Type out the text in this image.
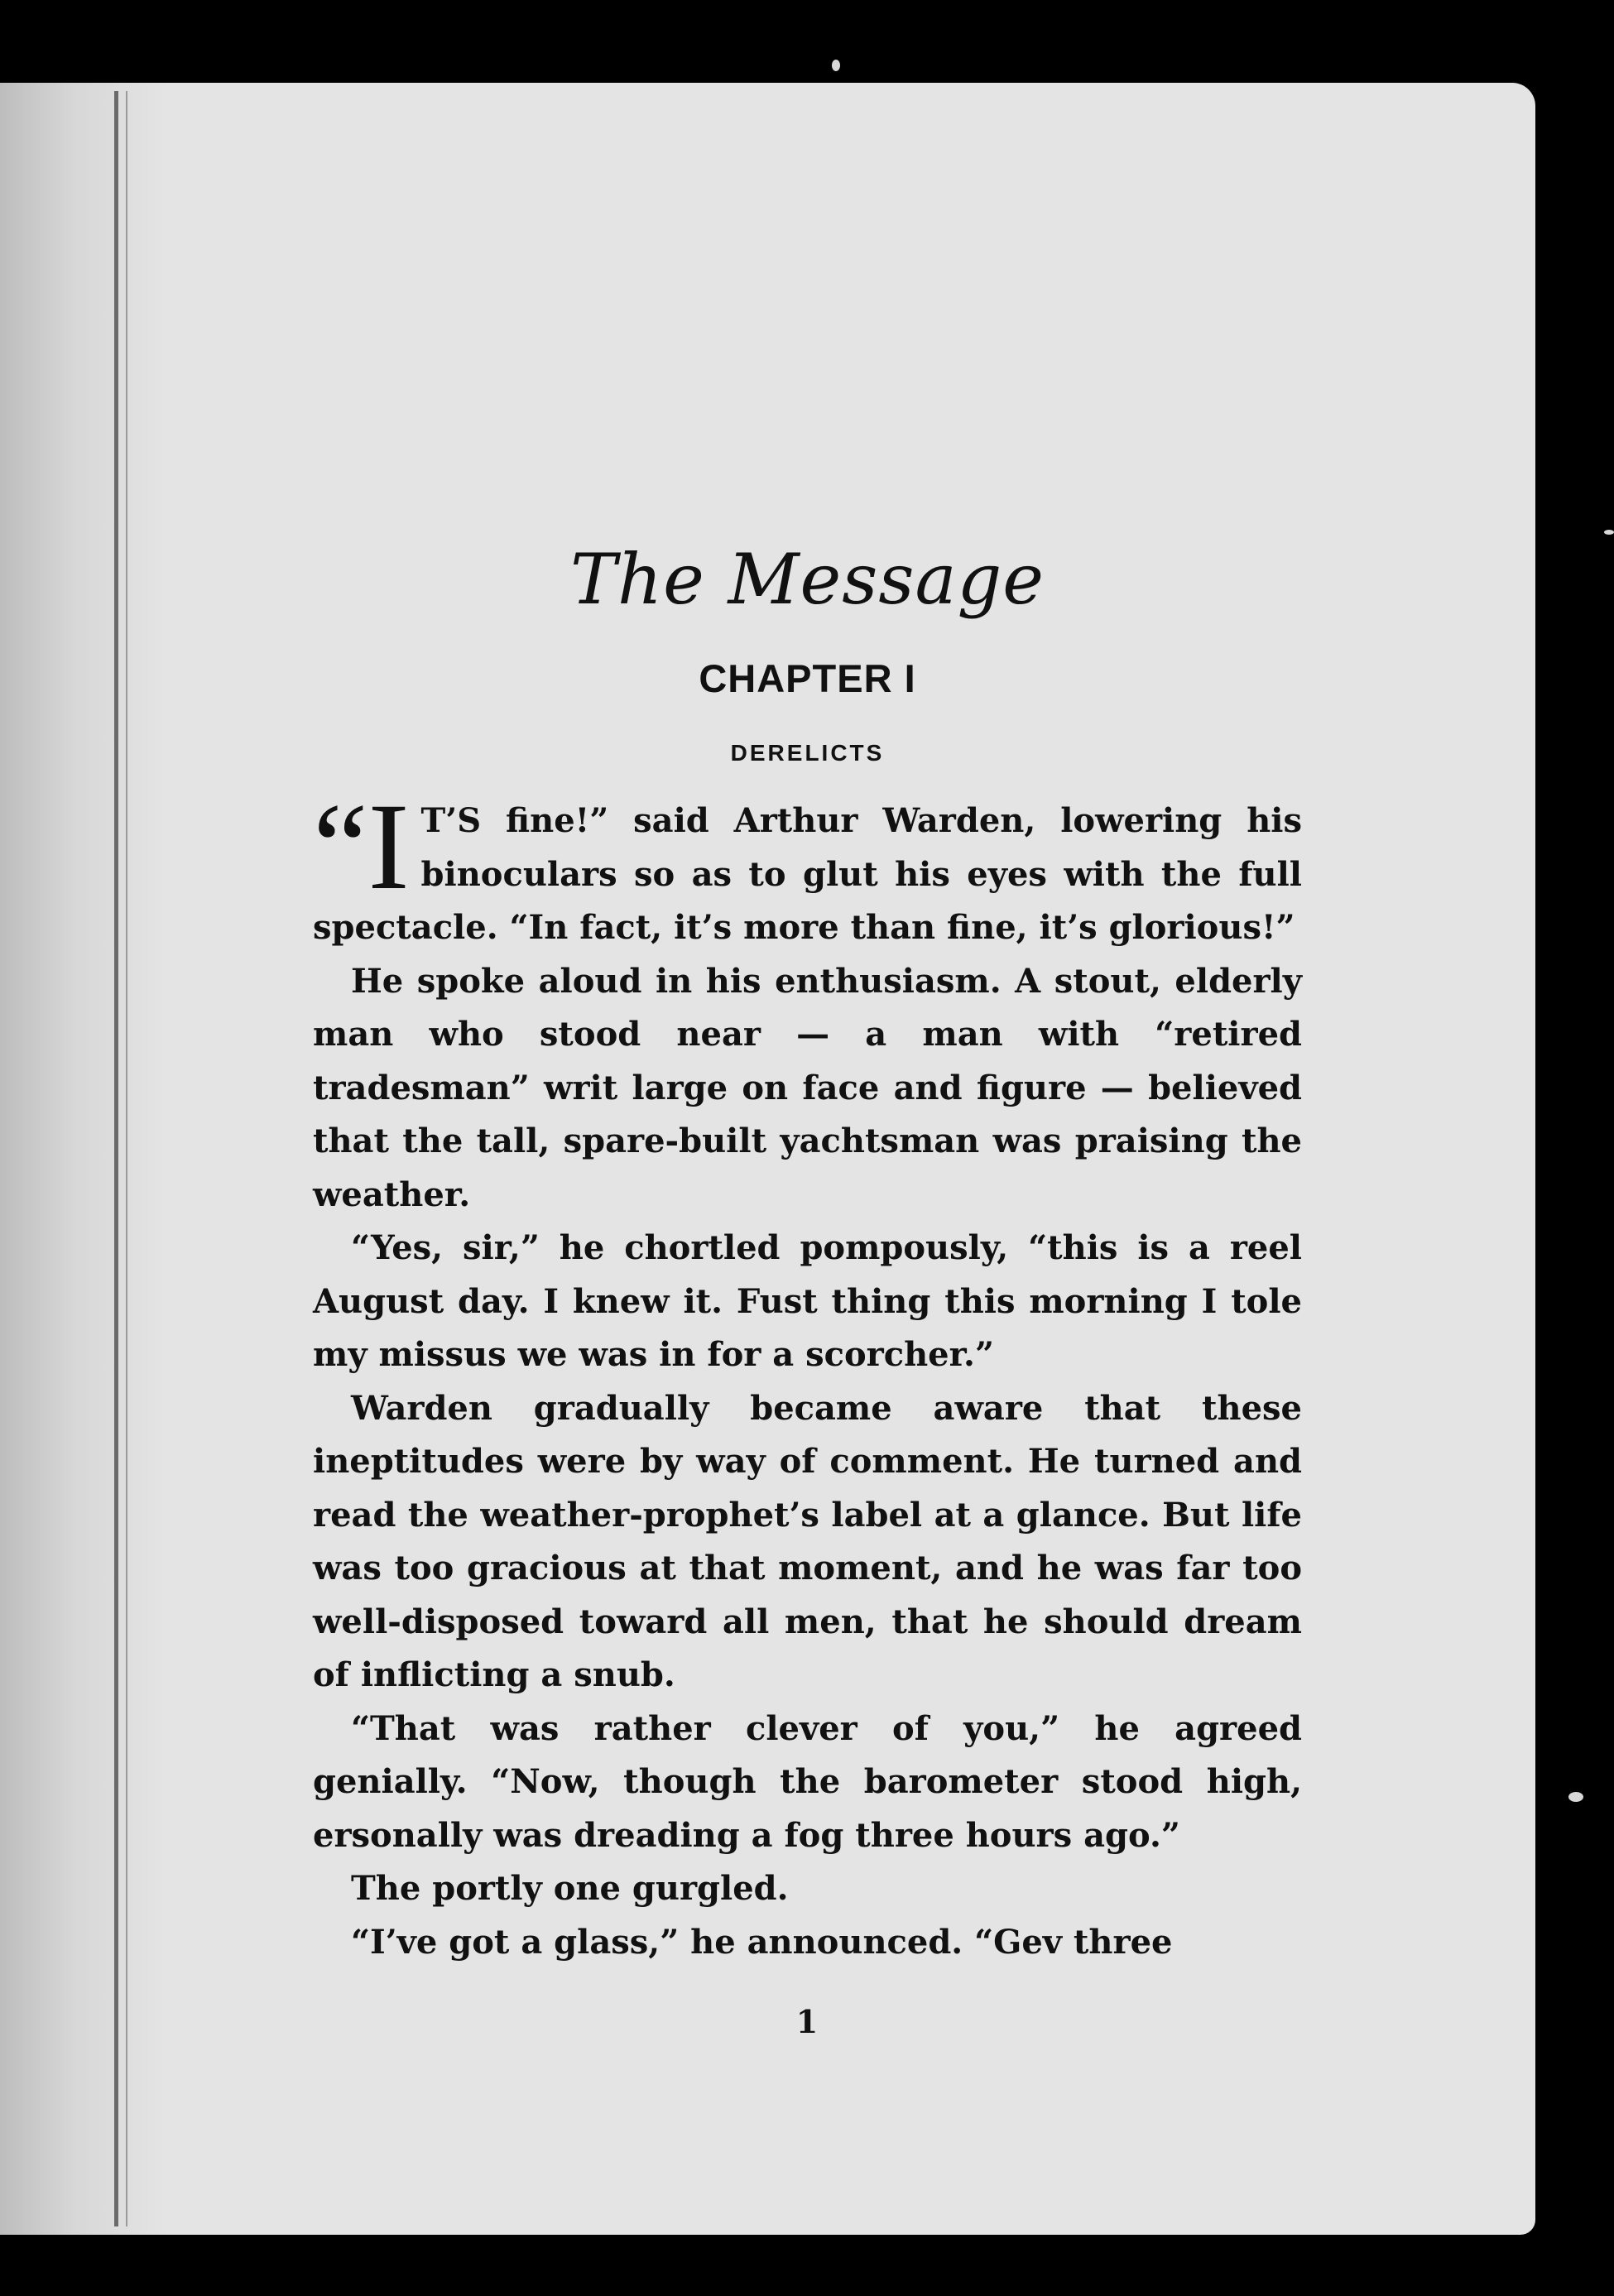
The Message
CHAPTER I
DERELICTS

“I T’S fine!” said Arthur Warden, lowering his binoculars so as to glut his eyes with the full spectacle. “In fact, it’s more than fine, it’s glorious!”

He spoke aloud in his enthusiasm. A stout, elderly man who stood near — a man with “retired tradesman” writ large on face and figure — believed that the tall, spare-built yachtsman was praising the weather.

“Yes, sir,” he chortled pompously, “this is a reel August day. I knew it. Fust thing this morning I tole my missus we was in for a scorcher.”

Warden gradually became aware that these ineptitudes were by way of comment. He turned and read the weather-prophet’s label at a glance. But life was too gracious at that moment, and he was far too well-disposed toward all men, that he should dream of inflicting a snub.

“That was rather clever of you,” he agreed genially. “Now, though the barometer stood high, ersonally was dreading a fog three hours ago.”

The portly one gurgled.

“I’ve got a glass,” he announced. “Gev three

1
